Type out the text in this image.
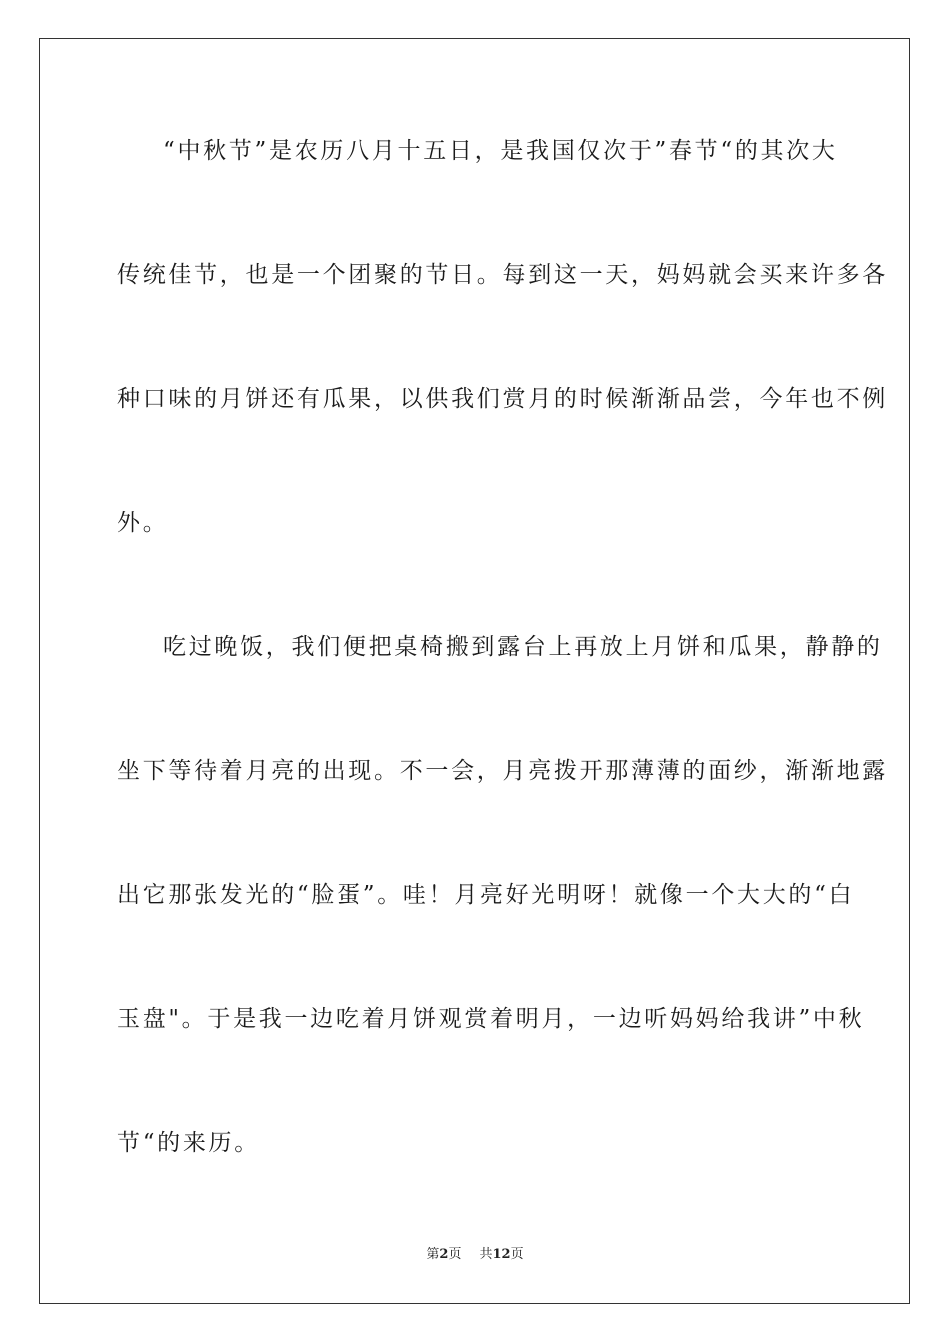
“中秋节”是农历八月十五日，是我国仅次于”春节“的其次大
传统佳节，也是一个团聚的节日。每到这一天，妈妈就会买来许多各
种口味的月饼还有瓜果，以供我们赏月的时候渐渐品尝，今年也不例
外。
吃过晚饭，我们便把桌椅搬到露台上再放上月饼和瓜果，静静的
坐下等待着月亮的出现。不一会，月亮拨开那薄薄的面纱，渐渐地露
出它那张发光的“脸蛋”。哇！月亮好光明呀！就像一个大大的“白
玉盘"。于是我一边吃着月饼观赏着明月，一边听妈妈给我讲”中秋
节“的来历。
第2页 共12页
